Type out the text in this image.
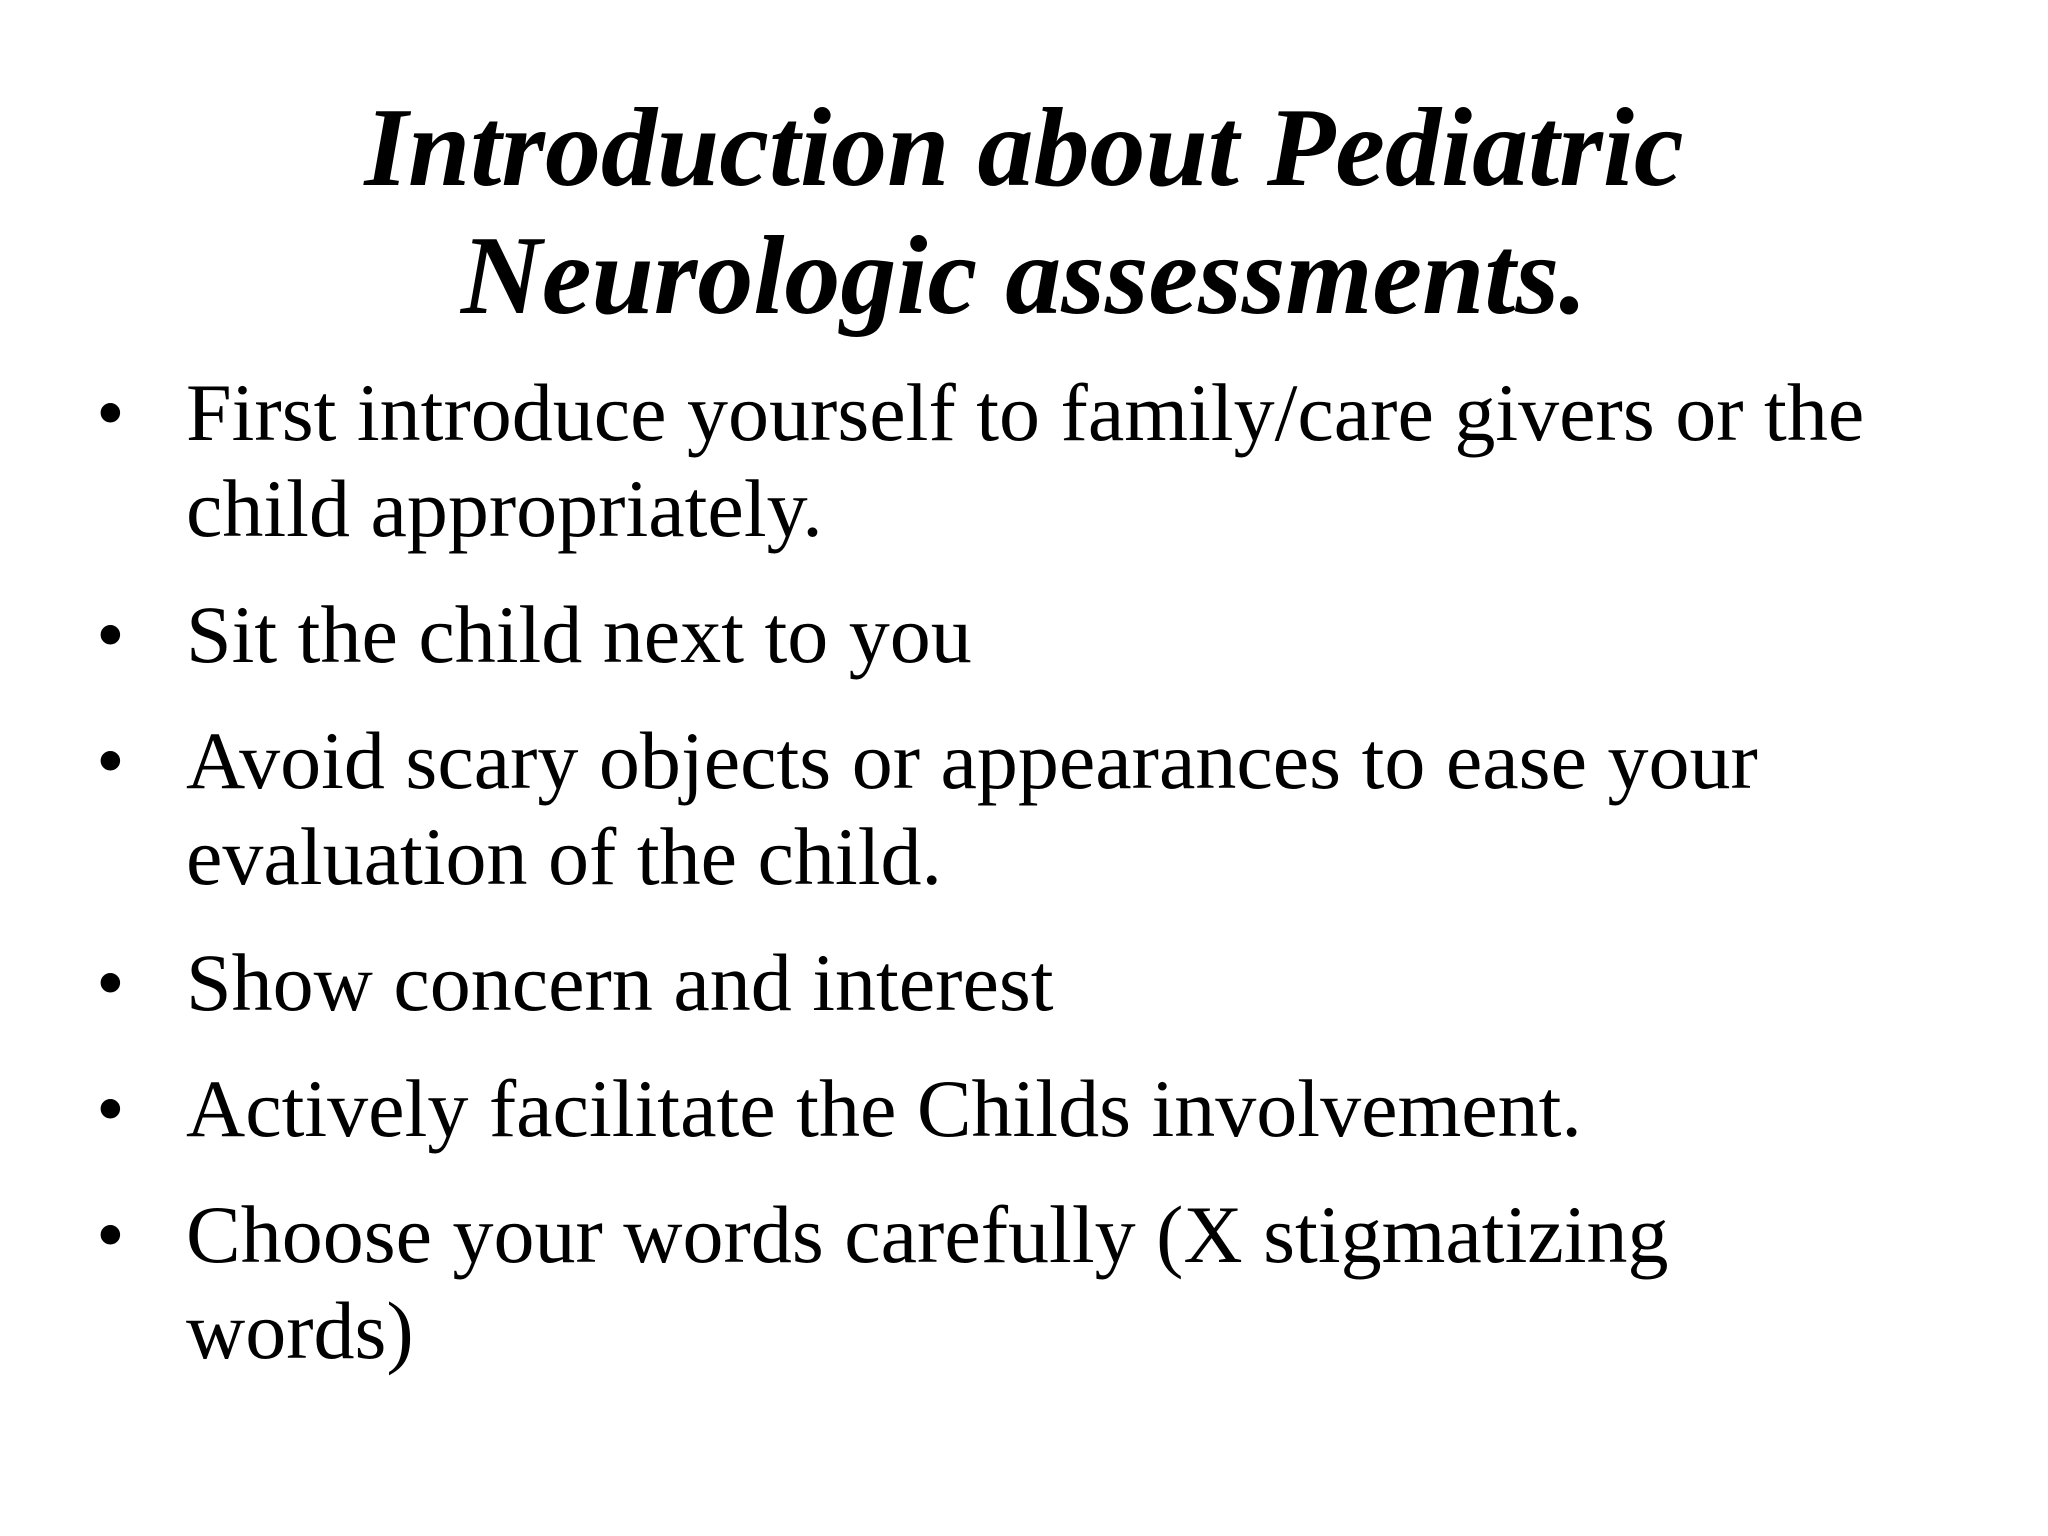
Introduction about Pediatric
Neurologic assessments.
• First introduce yourself to family/care givers or the
child appropriately.
• Sit the child next to you
• Avoid scary objects or appearances to ease your
evaluation of the child.
• Show concern and interest
• Actively facilitate the Childs involvement.
• Choose your words carefully (X stigmatizing
words)
